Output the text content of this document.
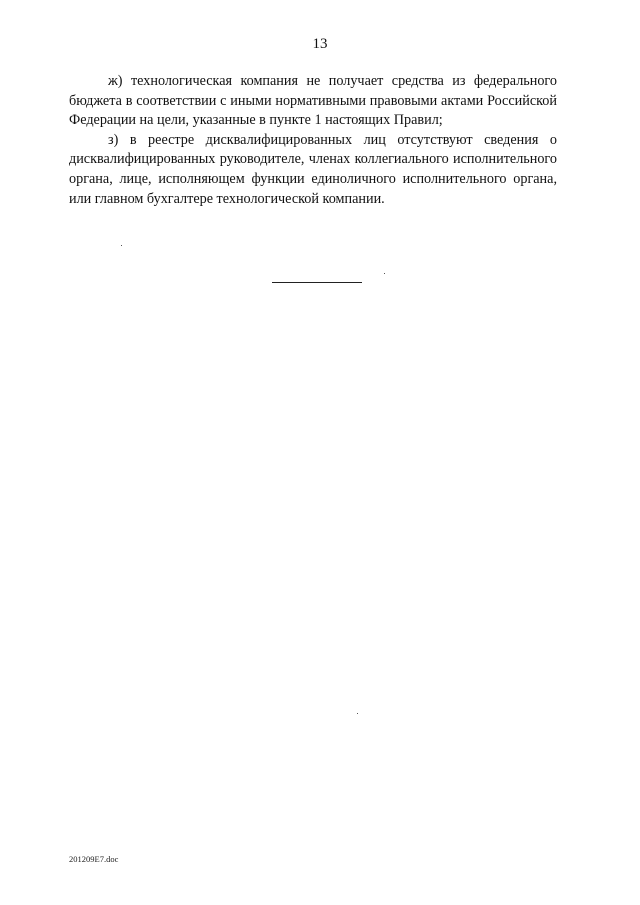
13

ж) технологическая компания не получает средства из федерального бюджета в соответствии с иными нормативными правовыми актами Российской Федерации на цели, указанные в пункте 1 настоящих Правил;

з) в реестре дисквалифицированных лиц отсутствуют сведения о дисквалифицированных руководителе, членах коллегиального исполнительного органа, лице, исполняющем функции единоличного исполнительного органа, или главном бухгалтере технологической компании.

201209E7.doc
